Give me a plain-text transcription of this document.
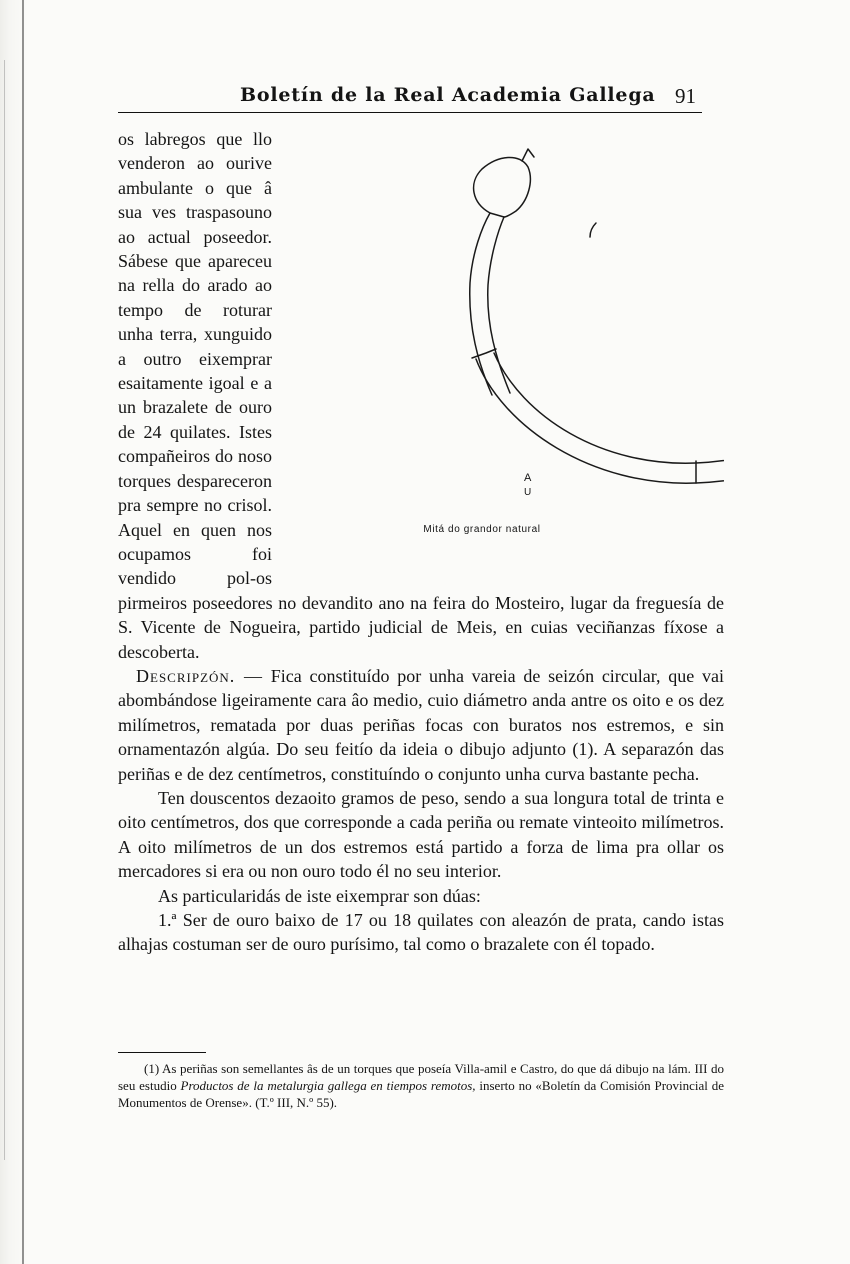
Boletín de la Real Academia Gallega 91
A
U
Mitá do grandor natural

os labregos que llo venderon ao ourive ambulante o que â sua ves traspasouno ao actual poseedor. Sábese que apareceu na rella do arado ao tempo de roturar unha terra, xunguido a outro eixemprar esaitamente igoal e a un brazalete de ouro de 24 quilates. Istes compañeiros do noso torques despareceron pra sempre no crisol. Aquel en quen nos ocupamos foi vendido pol-os pirmeiros poseedores no devandito ano na feira do Mosteiro, lugar da freguesía de S. Vicente de Nogueira, partido judicial de Meis, en cuias veciñanzas fíxose a descoberta.

Descripzón. — Fica constituído por unha vareia de seizón circular, que vai abombándose ligeiramente cara âo medio, cuio diámetro anda antre os oito e os dez milímetros, rematada por duas periñas focas con buratos nos estremos, e sin ornamentazón algúa. Do seu feitío da ideia o dibujo adjunto (1). A separazón das periñas e de dez centímetros, constituíndo o conjunto unha curva bastante pecha.

Ten douscentos dezaoito gramos de peso, sendo a sua longura total de trinta e oito centímetros, dos que corresponde a cada periña ou remate vinteoito milímetros. A oito milímetros de un dos estremos está partido a forza de lima pra ollar os mercadores si era ou non ouro todo él no seu interior.

As particularidás de iste eixemprar son dúas:

1.ª Ser de ouro baixo de 17 ou 18 quilates con aleazón de prata, cando istas alhajas costuman ser de ouro purísimo, tal como o brazalete con él topado.

(1) As periñas son semellantes âs de un torques que poseía Villa-amil e Castro, do que dá dibujo na lám. III do seu estudio Productos de la metalurgia gallega en tiempos remotos, inserto no «Boletín da Comisión Provincial de Monumentos de Orense». (T.º III, N.º 55).
